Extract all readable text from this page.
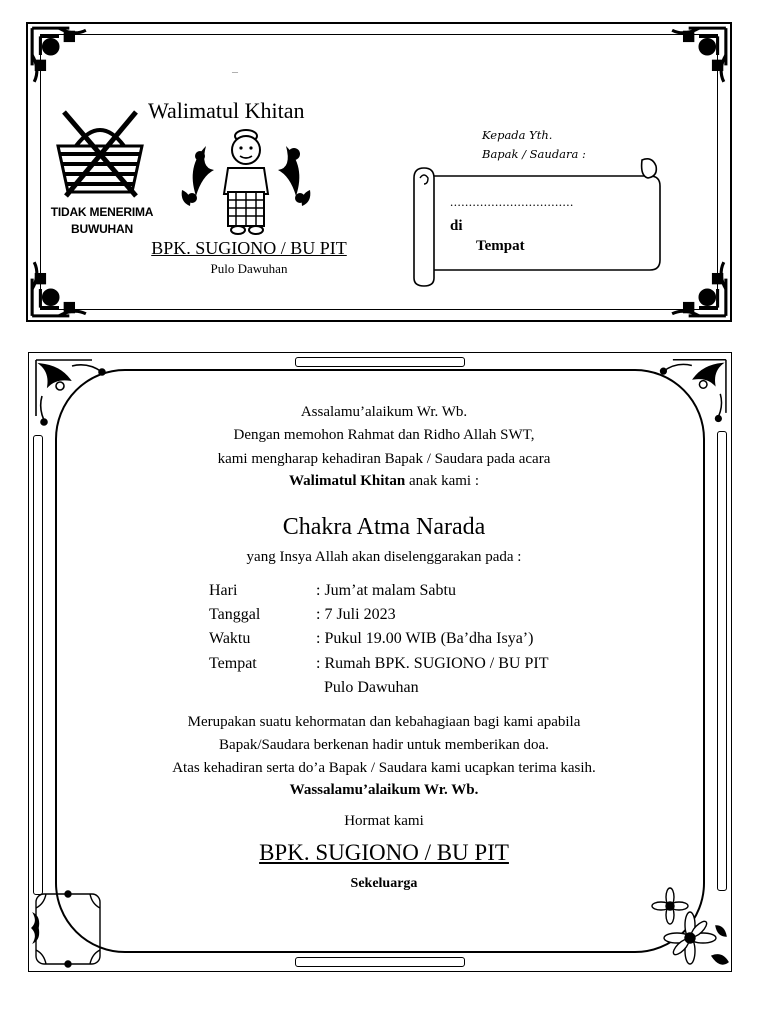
—
Walimatul Khitan
TIDAK MENERIMA
BUWUHAN
BPK. SUGIONO / BU PIT
Pulo Dawuhan
Kepada Yth.
Bapak / Saudara :
.................................
di
Tempat
Assalamu’alaikum Wr. Wb.
Dengan memohon Rahmat dan Ridho Allah SWT,
kami mengharap kehadiran Bapak / Saudara pada acara
Walimatul Khitan anak kami :
Chakra Atma Narada
yang Insya Allah akan diselenggarakan pada :
Hari	: Jum’at malam Sabtu
Tanggal	: 7 Juli 2023
Waktu	: Pukul 19.00 WIB (Ba’dha Isya’)
Tempat	: Rumah BPK. SUGIONO / BU PIT
Pulo Dawuhan
Merupakan suatu kehormatan dan kebahagiaan bagi kami apabila
Bapak/Saudara berkenan hadir untuk memberikan doa.
Atas kehadiran serta do’a Bapak / Saudara kami ucapkan terima kasih.
Wassalamu’alaikum Wr. Wb.
Hormat kami
BPK. SUGIONO / BU PIT
Sekeluarga
